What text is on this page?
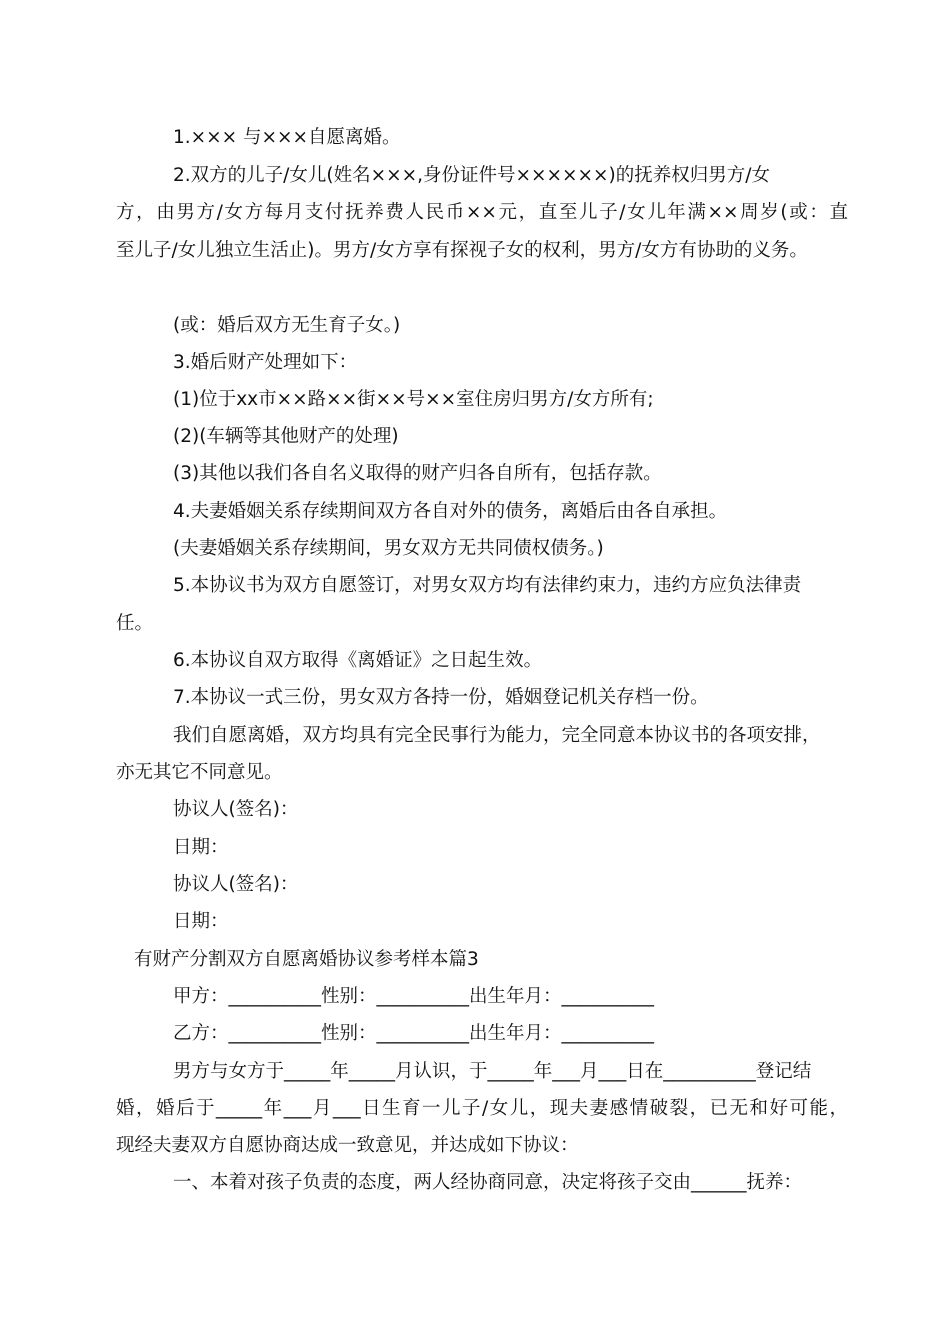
1.××× 与×××自愿离婚。
2.双方的儿子/女儿(姓名×××,身份证件号××××××)的抚养权归男方/女
方，由男方/女方每月支付抚养费人民币××元，直至儿子/女儿年满××周岁(或：直
至儿子/女儿独立生活止)。男方/女方享有探视子女的权利，男方/女方有协助的义务。
(或：婚后双方无生育子女。)
3.婚后财产处理如下：
(1)位于xx市××路××街××号××室住房归男方/女方所有;
(2)(车辆等其他财产的处理)
(3)其他以我们各自名义取得的财产归各自所有，包括存款。
4.夫妻婚姻关系存续期间双方各自对外的债务，离婚后由各自承担。
(夫妻婚姻关系存续期间，男女双方无共同债权债务。)
5.本协议书为双方自愿签订，对男女双方均有法律约束力，违约方应负法律责
任。
6.本协议自双方取得《离婚证》之日起生效。
7.本协议一式三份，男女双方各持一份，婚姻登记机关存档一份。
我们自愿离婚，双方均具有完全民事行为能力，完全同意本协议书的各项安排，
亦无其它不同意见。
协议人(签名)：
日期：
协议人(签名)：
日期：
有财产分割双方自愿离婚协议参考样本篇3
甲方：__________性别：__________出生年月：__________
乙方：__________性别：__________出生年月：__________
男方与女方于_____年_____月认识，于_____年___月___日在__________登记结
婚，婚后于_____年___月___日生育一儿子/女儿，现夫妻感情破裂，已无和好可能，
现经夫妻双方自愿协商达成一致意见，并达成如下协议：
一、本着对孩子负责的态度，两人经协商同意，决定将孩子交由______抚养：
